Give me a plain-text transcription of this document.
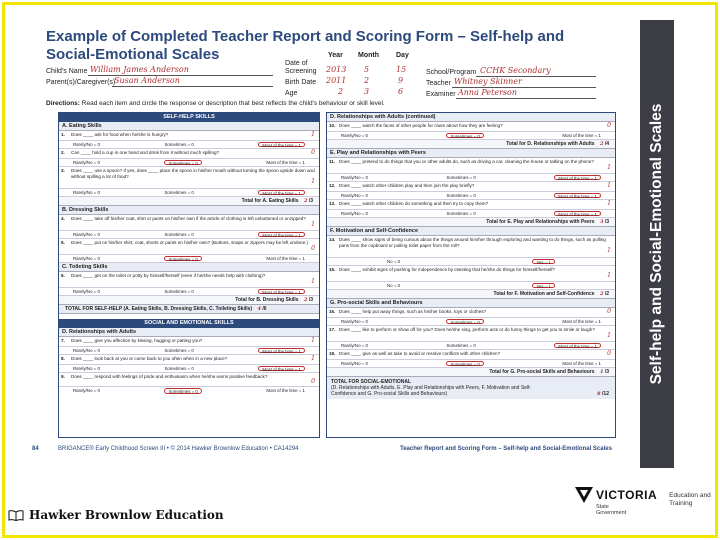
Example of Completed Teacher Report and Scoring Form – Self-help and Social-Emotional Scales
Child's Name William James Anderson
Parent(s)/Caregiver(s)
Susan Anderson
Year Month Day
Date of Screening	2013 5	15
Birth Date 2011 2	9
Age	2	3	6
School/Program CCHK Secondary
Teacher Whitney Skinner
Examiner Anna Peterson
Directions: Read each item and circle the response or description that best reflects the child's behaviour or skill level.
SELF-HELP SKILLS
A. Eating Skills
1. Does ____ ask for food when he/she is hungry?	1
Rarely/No = 0	Sometimes = 0	Most of the time = 1
2. Can ____ hold a cup in one hand and drink from it without much spilling?	0
Rarely/No = 0	Sometimes = 0	Most of the time = 1
3. Does ____ use a spoon? If yes, does ____ place the spoon in his/her mouth without turning the spoon upside down and without spilling a lot of food?
1
Rarely/No = 0	Sometimes = 0	Most of the time = 1
Total for A. Eating Skills 2 /3
B. Dressing Skills
4. Does ____ take off his/her coat, shirt or pants on his/her own if the article of clothing is left unbuttoned or unzipped?
1
Rarely/No = 0	Sometimes = 0	Most of the time = 1
5. Does ____ put on his/her shirt, coat, shorts or pants on his/her own? (Buttons, snaps or zippers may be left undone.)
0
Rarely/No = 0	Sometimes = 0	Most of the time = 1
C. Toileting Skills
6. Does ____ get on the toilet or potty by himself/herself (even if he/she needs help with clothing)?
1
Rarely/No = 0	Sometimes = 0	Most of the time = 1
Total for B. Dressing Skills 2 /3
TOTAL FOR SELF-HELP (A. Eating Skills, B. Dressing Skills, C. Toileting Skills) 4 /6
SOCIAL AND EMOTIONAL SKILLS
D. Relationships with Adults
7. Does ____ give you affection by kissing, hugging or patting you?	1
Rarely/No = 0	Sometimes = 0	Most of the time = 1
8. Does ____ look back at you or come back to you often when in a new place?	1
Rarely/No = 0	Sometimes = 0	Most of the time = 1
9. Does ____ respond with feelings of pride and enthusiasm when he/she earns positive feedback?
0
Rarely/No = 0	Sometimes = 0	Most of the time = 1
D. Relationships with Adults (continued)
10. Does ____ watch the faces of other people for clues about how they are feeling?	0
Rarely/No = 0	Sometimes = 0	Most of the time = 1
Total for D. Relationships with Adults 2 /4
E. Play and Relationships with Peers
11. Does ____ pretend to do things that you or other adults do, such as driving a car, cleaning the house or talking on the phone?
1
Rarely/No = 0	Sometimes = 0	Most of the time = 1
12. Does ____ watch other children play and then join the play briefly?	1
Rarely/No = 0	Sometimes = 0	Most of the time = 1
13. Does ____ watch other children do something and then try to copy them?	1
Rarely/No = 0	Sometimes = 0	Most of the time = 1
Total for E. Play and Relationships with Peers 3 /3
F. Motivation and Self-Confidence
14. Does ____ show signs of being curious about the things around him/her through exploring and wanting to do things, such as pulling pans from the cupboard or pulling toilet paper from the roll?
1
No = 0	Yes = 1
15. Does ____ exhibit signs of pushing for independence by insisting that he/she do things for himself/herself?
1
No = 0	Yes = 1
Total for F. Motivation and Self-Confidence 2 /2
G. Pro-social Skills and Behaviours
16. Does ____ help put away things, such as his/her books, toys or clothes?	0
Rarely/No = 0	Sometimes = 0	Most of the time = 1
17. Does ____ like to perform or show off for you? Does he/she sing, perform acts or do funny things to get you to smile or laugh?
1
Rarely/No = 0	Sometimes = 0	Most of the time = 1
18. Does ____ give as well as take to avoid or resolve conflicts with other children?	0
Rarely/No = 0	Sometimes = 0	Most of the time = 1
Total for G. Pro-social Skills and Behaviours 1 /3
TOTAL FOR SOCIAL-EMOTIONAL
(D. Relationships with Adults, E. Play and Relationships with Peers, F. Motivation and Self-Confidence and G. Pro-social Skills and Behaviours)	8 /12
84	BRIGANCE® Early Childhood Screen III • © 2014 Hawker Brownlow Education • CA14294	Teacher Report and Scoring Form – Self-help and Social-Emotional Scales
Self-help and Social-Emotional Scales
Hawker Brownlow Education
VICTORIA
State Government
Education and Training
